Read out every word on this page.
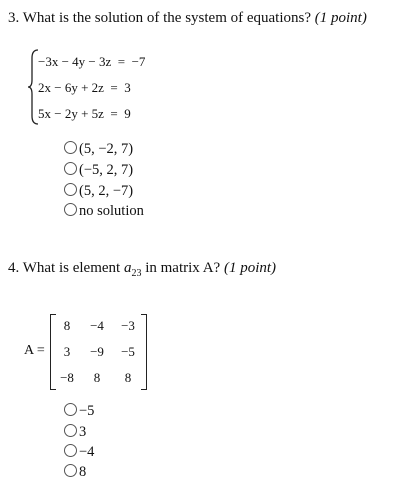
3. What is the solution of the system of equations? (1 point)
−3x − 4y − 3z  =  −7
2x − 6y + 2z  =  3
5x − 2y + 5z  =  9
(5, −2, 7)
(−5, 2, 7)
(5, 2, −7)
no solution
4. What is element $a_{23}$ in matrix A? (1 point)
A =
8	−4	−3
3	−9	−5
−8	8	8
−5
3
−4
8
